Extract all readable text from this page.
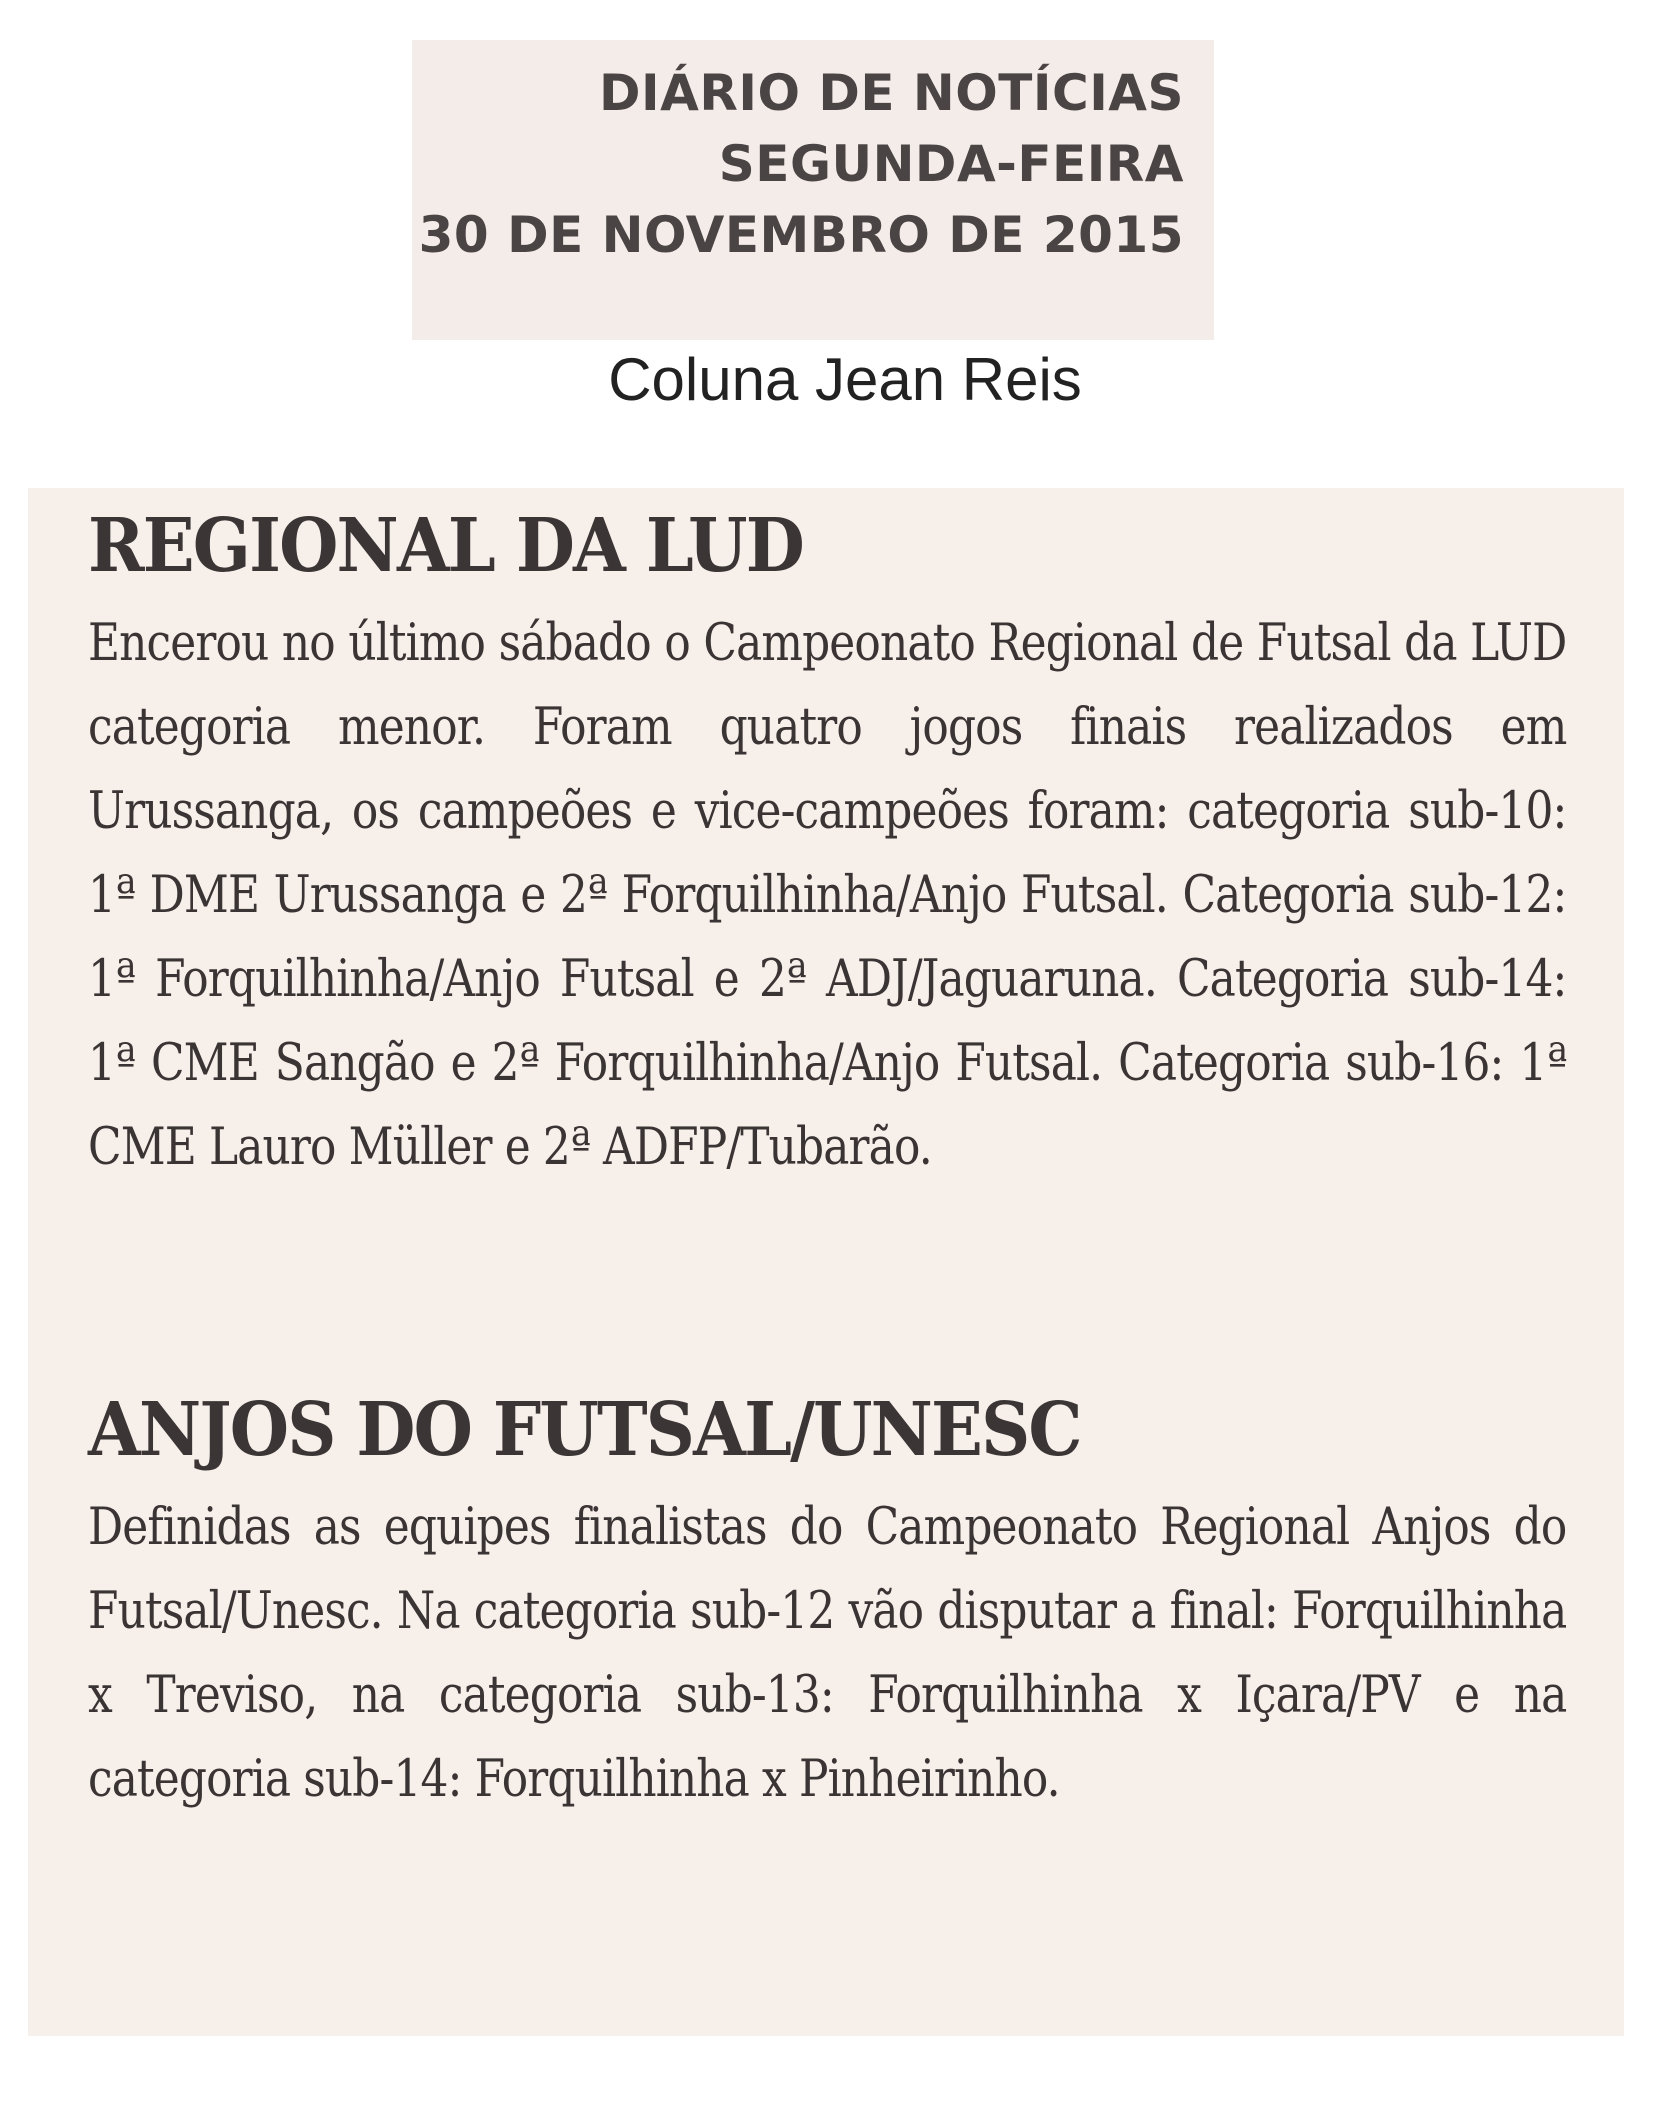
DIÁRIO DE NOTÍCIAS
SEGUNDA-FEIRA
30 DE NOVEMBRO DE 2015
Coluna Jean Reis
REGIONAL DA LUD

Encerou no último sábado o Campeonato Regional de Futsal da LUD categoria menor. Foram quatro jogos finais realizados em Urussanga, os campeões e vice-campeões foram: categoria sub-10: 1ª DME Urussanga e 2ª Forquilhinha/Anjo Futsal. Categoria sub-12: 1ª Forquilhinha/Anjo Futsal e 2ª ADJ/Jaguaruna. Categoria sub-14: 1ª CME Sangão e 2ª Forquilhinha/Anjo Futsal. Categoria sub-16: 1ª CME Lauro Müller e 2ª ADFP/Tubarão.

ANJOS DO FUTSAL/UNESC

Definidas as equipes finalistas do Campeonato Regional Anjos do Futsal/Unesc. Na categoria sub-12 vão disputar a final: Forquilhinha x Treviso, na categoria sub-13: Forquilhinha x Içara/PV e na categoria sub-14: Forquilhinha x Pinheirinho.
